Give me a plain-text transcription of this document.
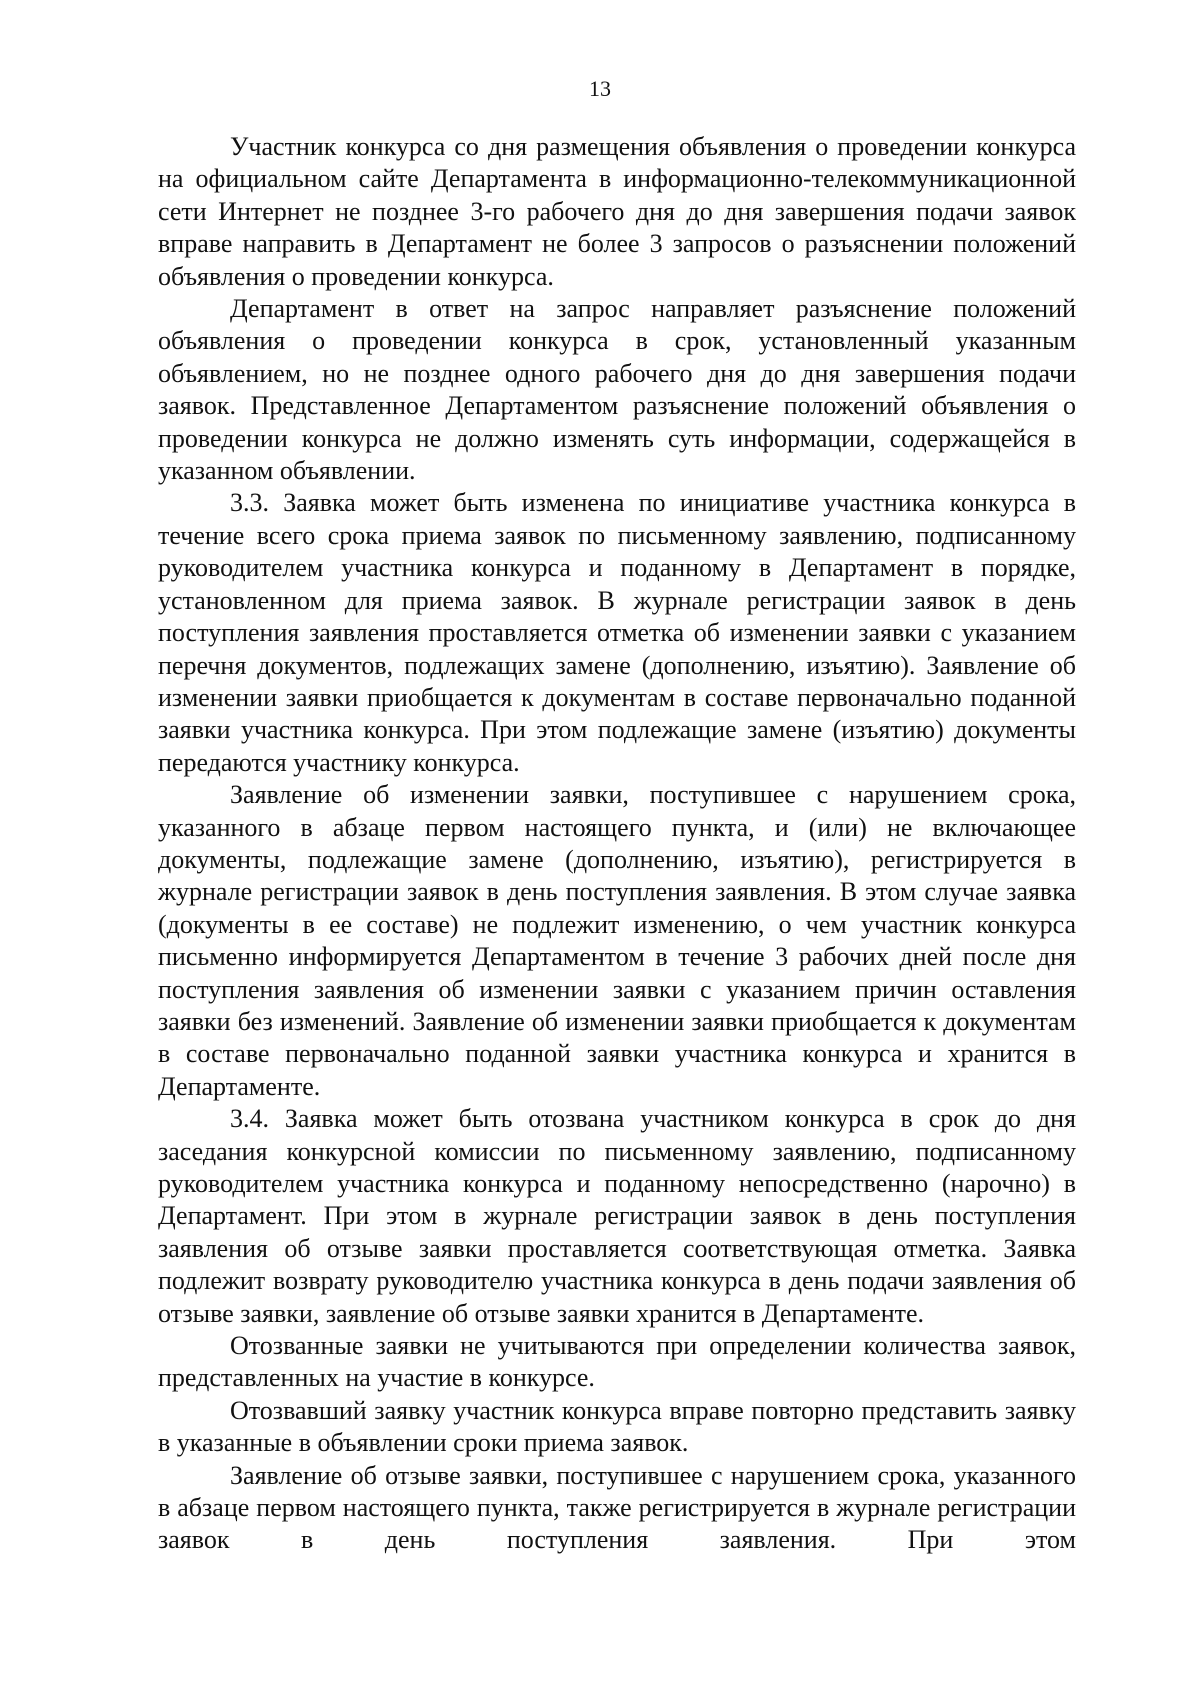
13

Участник конкурса со дня размещения объявления о проведении конкурса на официальном сайте Департамента в информационно-телекоммуникационной сети Интернет не позднее 3-го рабочего дня до дня завершения подачи заявок вправе направить в Департамент не более 3 запросов о разъяснении положений объявления о проведении конкурса.

Департамент в ответ на запрос направляет разъяснение положений объявления о проведении конкурса в срок, установленный указанным объявлением, но не позднее одного рабочего дня до дня завершения подачи заявок. Представленное Департаментом разъяснение положений объявления о проведении конкурса не должно изменять суть информации, содержащейся в указанном объявлении.

3.3. Заявка может быть изменена по инициативе участника конкурса в течение всего срока приема заявок по письменному заявлению, подписанному руководителем участника конкурса и поданному в Департамент в порядке, установленном для приема заявок. В журнале регистрации заявок в день поступления заявления проставляется отметка об изменении заявки с указанием перечня документов, подлежащих замене (дополнению, изъятию). Заявление об изменении заявки приобщается к документам в составе первоначально поданной заявки участника конкурса. При этом подлежащие замене (изъятию) документы передаются участнику конкурса.

Заявление об изменении заявки, поступившее с нарушением срока, указанного в абзаце первом настоящего пункта, и (или) не включающее документы, подлежащие замене (дополнению, изъятию), регистрируется в журнале регистрации заявок в день поступления заявления. В этом случае заявка (документы в ее составе) не подлежит изменению, о чем участник конкурса письменно информируется Департаментом в течение 3 рабочих дней после дня поступления заявления об изменении заявки с указанием причин оставления заявки без изменений. Заявление об изменении заявки приобщается к документам в составе первоначально поданной заявки участника конкурса и хранится в Департаменте.

3.4. Заявка может быть отозвана участником конкурса в срок до дня заседания конкурсной комиссии по письменному заявлению, подписанному руководителем участника конкурса и поданному непосредственно (нарочно) в Департамент. При этом в журнале регистрации заявок в день поступления заявления об отзыве заявки проставляется соответствующая отметка. Заявка подлежит возврату руководителю участника конкурса в день подачи заявления об отзыве заявки, заявление об отзыве заявки хранится в Департаменте.

Отозванные заявки не учитываются при определении количества заявок, представленных на участие в конкурсе.

Отозвавший заявку участник конкурса вправе повторно представить заявку в указанные в объявлении сроки приема заявок.

Заявление об отзыве заявки, поступившее с нарушением срока, указанного в абзаце первом настоящего пункта, также регистрируется в журнале регистрации заявок в день поступления заявления. При этом
